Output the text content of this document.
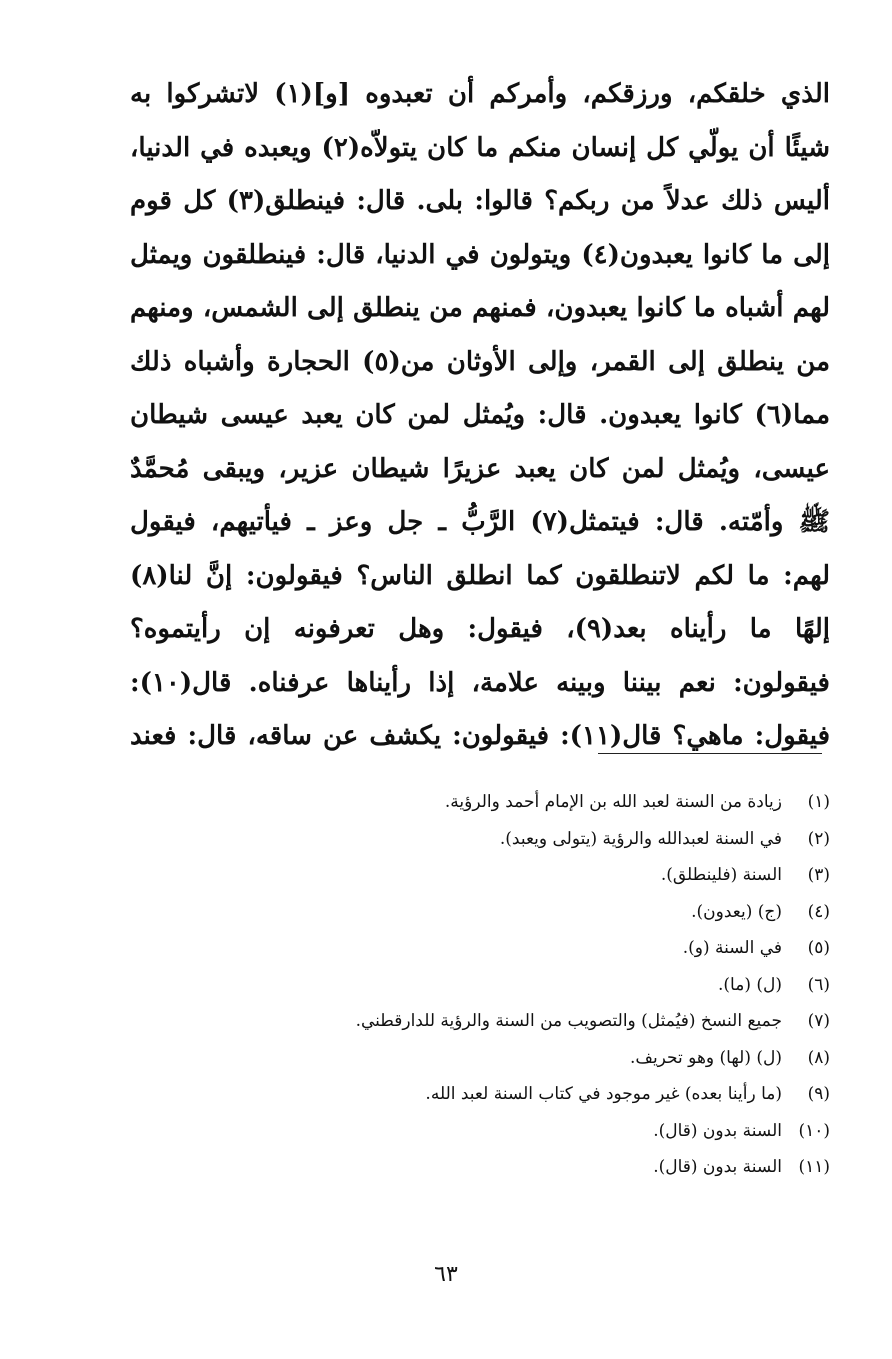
الذي خلقكم، ورزقكم، وأمركم أن تعبدوه [و](١) لاتشركوا به
شيئًا أن يولّي كل إنسان منكم ما كان يتولاّه(٢) ويعبده في الدنيا،
أليس ذلك عدلاً من ربكم؟ قالوا: بلى. قال: فينطلق(٣) كل قوم
إلى ما كانوا يعبدون(٤) ويتولون في الدنيا، قال: فينطلقون ويمثل
لهم أشباه ما كانوا يعبدون، فمنهم من ينطلق إلى الشمس، ومنهم
من ينطلق إلى القمر، وإلى الأوثان من(٥) الحجارة وأشباه ذلك
مما(٦) كانوا يعبدون. قال: ويُمثل لمن كان يعبد عيسى شيطان
عيسى، ويُمثل لمن كان يعبد عزيرًا شيطان عزير، ويبقى مُحمَّدٌ
ﷺ وأمّته. قال: فيتمثل(٧) الرَّبُّ ـ جل وعز ـ فيأتيهم، فيقول
لهم: ما لكم لاتنطلقون كما انطلق الناس؟ فيقولون: إنَّ لنا(٨)
إلهًا ما رأيناه بعد(٩)، فيقول: وهل تعرفونه إن رأيتموه؟
فيقولون: نعم بيننا وبينه علامة، إذا رأيناها عرفناه. قال(١٠):
فيقول: ماهي؟ قال(١١): فيقولون: يكشف عن ساقه، قال: فعند
(١)
زيادة من السنة لعبد الله بن الإمام أحمد والرؤية.
(٢)
في السنة لعبدالله والرؤية (يتولى ويعبد).
(٣)
السنة (فلينطلق).
(٤)
(ج) (يعدون).
(٥)
في السنة (و).
(٦)
(ل) (ما).
(٧)
جميع النسخ (فيُمثل) والتصويب من السنة والرؤية للدارقطني.
(٨)
(ل) (لها) وهو تحريف.
(٩)
(ما رأينا بعده) غير موجود في كتاب السنة لعبد الله.
(١٠)
السنة بدون (قال).
(١١)
السنة بدون (قال).
٦٣
